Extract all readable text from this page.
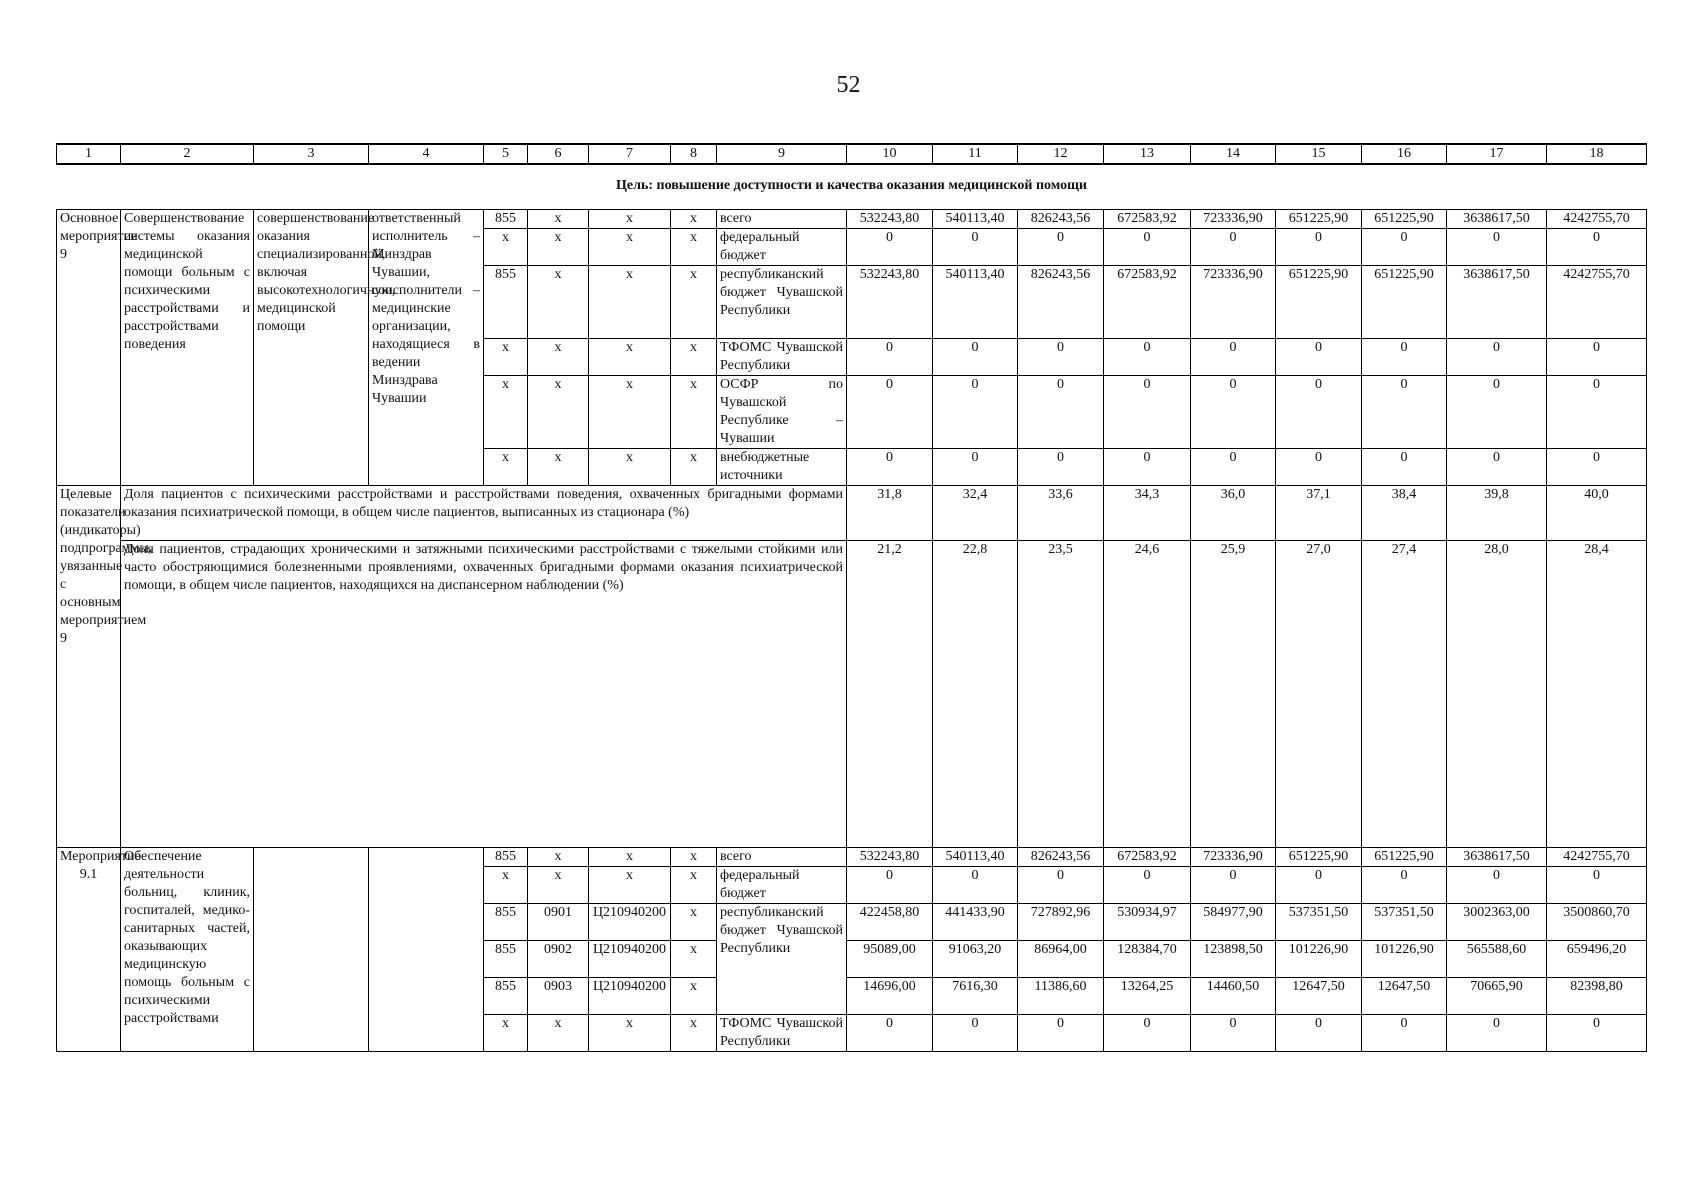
52
1	2	3	4	5	6	7	8	9	10	11	12	13	14	15	16	17	18
Цель: повышение доступности и качества оказания медицинской помощи																	
Основное мероприятие 9	Совершенствование системы оказания медицинской помощи больным с психическими расстройствами и расстройствами поведения	совершенствование оказания специализированной, включая высокотехнологичную, медицинской помощи	ответственный исполнитель – Минздрав Чувашии, соисполнители – медицинские организации, находящиеся в ведении Минздрава Чувашии	855	x	x	x	всего	532243,80	540113,40	826243,56	672583,92	723336,90	651225,90	651225,90	3638617,50	4242755,70
				x	x	x	x	федеральный бюджет	0	0	0	0	0	0	0	0	0
				855	x	x	x	республиканский бюджет Чувашской Республики	532243,80	540113,40	826243,56	672583,92	723336,90	651225,90	651225,90	3638617,50	4242755,70
				x	x	x	x	ТФОМС Чувашской Республики	0	0	0	0	0	0	0	0	0
				x	x	x	x	ОСФР по Чувашской Республике – Чувашии	0	0	0	0	0	0	0	0	0
				x	x	x	x	внебюджетные источники	0	0	0	0	0	0	0	0	0
Целевые показатели (индикаторы) подпрограммы, увязанные с основным мероприятием 9	Доля пациентов с психическими расстройствами и расстройствами поведения, охваченных бригадными формами оказания психиатрической помощи, в общем числе пациентов, выписанных из стационара (%)								31,8	32,4	33,6	34,3	36,0	37,1	38,4	39,8	40,0
	Доля пациентов, страдающих хроническими и затяжными психическими расстройствами с тяжелыми стойкими или часто обостряющимися болезненными проявлениями, охваченных бригадными формами оказания психиатрической помощи, в общем числе пациентов, находящихся на диспансерном наблюдении (%)								21,2	22,8	23,5	24,6	25,9	27,0	27,4	28,0	28,4
Мероприятие 9.1	Обеспечение деятельности больниц, клиник, госпиталей, медико-санитарных частей, оказывающих медицинскую помощь больным с психическими расстройствами			855	x	x	x	всего	532243,80	540113,40	826243,56	672583,92	723336,90	651225,90	651225,90	3638617,50	4242755,70
				x	x	x	x	федеральный бюджет	0	0	0	0	0	0	0	0	0
				855	0901	Ц210940200	x	республиканский бюджет Чувашской Республики	422458,80	441433,90	727892,96	530934,97	584977,90	537351,50	537351,50	3002363,00	3500860,70
				855	0902	Ц210940200	x		95089,00	91063,20	86964,00	128384,70	123898,50	101226,90	101226,90	565588,60	659496,20
				855	0903	Ц210940200	x		14696,00	7616,30	11386,60	13264,25	14460,50	12647,50	12647,50	70665,90	82398,80
				x	x	x	x	ТФОМС Чувашской Республики	0	0	0	0	0	0	0	0	0
